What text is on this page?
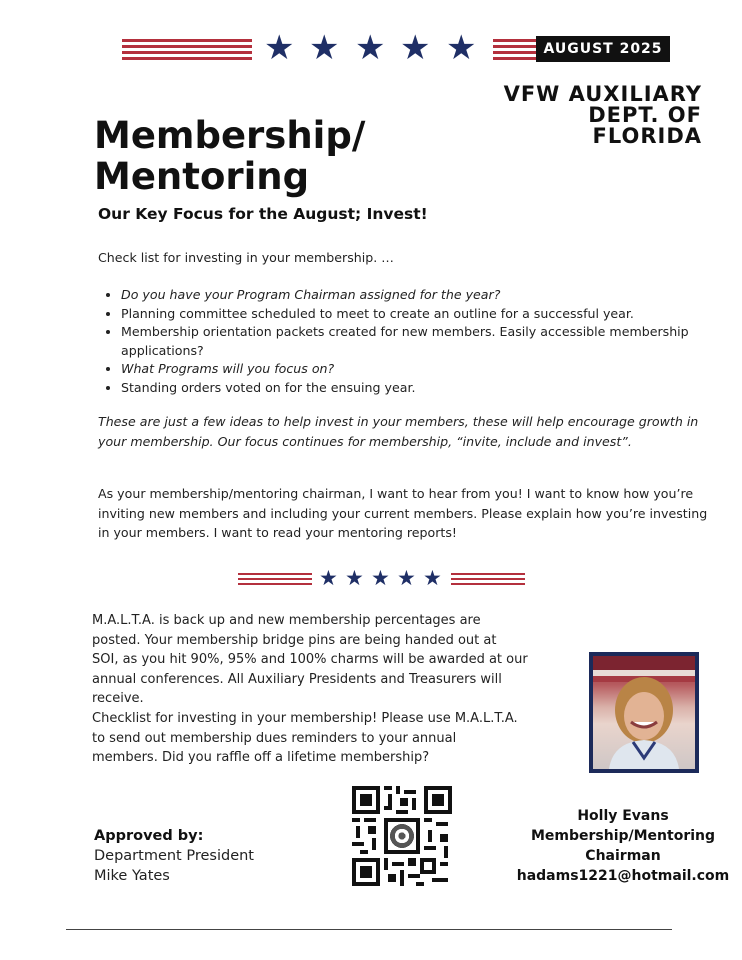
★ ★ ★ ★ ★	AUGUST 2025
VFW AUXILIARY
DEPT. OF
FLORIDA
Membership/
Mentoring
Our Key Focus for the August; Invest!
Check list for investing in your membership. …
• Do you have your Program Chairman assigned for the year?
• Planning committee scheduled to meet to create an outline for a successful year.
• Membership orientation packets created for new members. Easily accessible membership applications?
• What Programs will you focus on?
• Standing orders voted on for the ensuing year.
These are just a few ideas to help invest in your members, these will help encourage growth in your membership. Our focus continues for membership, “invite, include and invest”.
As your membership/mentoring chairman, I want to hear from you! I want to know how you’re inviting new members and including your current members. Please explain how you’re investing in your members. I want to read your mentoring reports!
★ ★ ★ ★ ★
M.A.L.T.A. is back up and new membership percentages are
posted. Your membership bridge pins are being handed out at
SOI, as you hit 90%, 95% and 100% charms will be awarded at our
annual conferences. All Auxiliary Presidents and Treasurers will
receive.
Checklist for investing in your membership! Please use M.A.L.T.A.
to send out membership dues reminders to your annual
members. Did you raffle off a lifetime membership?
Approved by:
Department President
Mike Yates
Holly Evans
Membership/Mentoring
Chairman
hadams1221@hotmail.com
